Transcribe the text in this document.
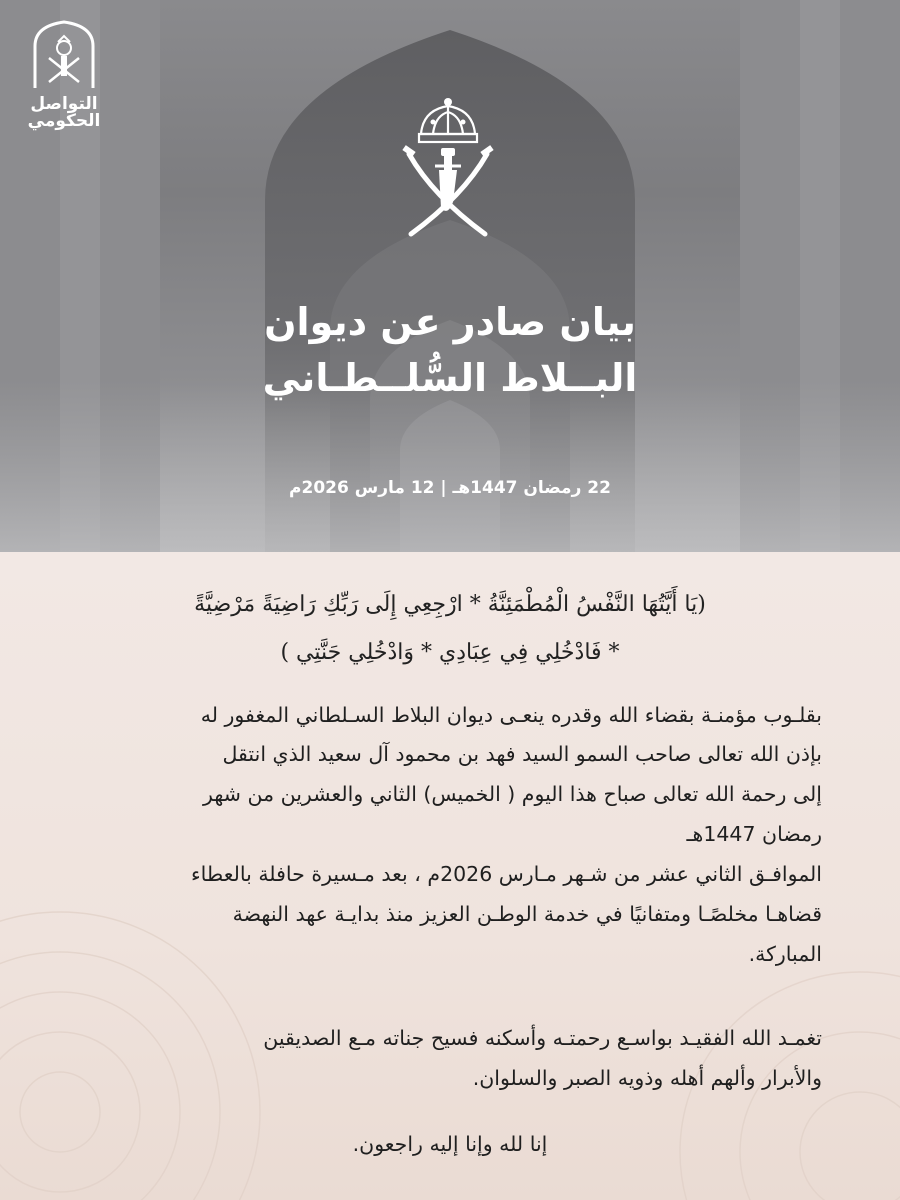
التواصل
الحكومي
بيان صادر عن ديوان
البــلاط السُّلــطـاني
22 رمضان 1447هـ | 12 مارس 2026م
(يَا أَيَّتُهَا النَّفْسُ الْمُطْمَئِنَّةُ * ارْجِعِي إِلَى رَبِّكِ رَاضِيَةً مَرْضِيَّةً
* فَادْخُلِي فِي عِبَادِي * وَادْخُلِي جَنَّتِي )
بقلـوب مؤمنـة بقضاء الله وقدره ينعـى ديوان البلاط السـلطاني المغفور له
بإذن الله تعالى صاحب السمو السيد فهد بن محمود آل سعيد الذي انتقل
إلى رحمة الله تعالى صباح هذا اليوم ( الخميس) الثاني والعشرين من شهر
رمضان 1447هـ
الموافـق الثاني عشر من شـهر مـارس 2026م ، بعد مـسيرة حافلة بالعطاء
قضاهـا مخلصًـا ومتفانيًا في خدمة الوطـن العزيز منذ بدايـة عهد النهضة
المباركة.
تغمـد الله الفقيـد بواسـع رحمتـه وأسكنه فسيح جناته مـع الصديقين
والأبرار وألهم أهله وذويه الصبر والسلوان.
إنا لله وإنا إليه راجعون.
